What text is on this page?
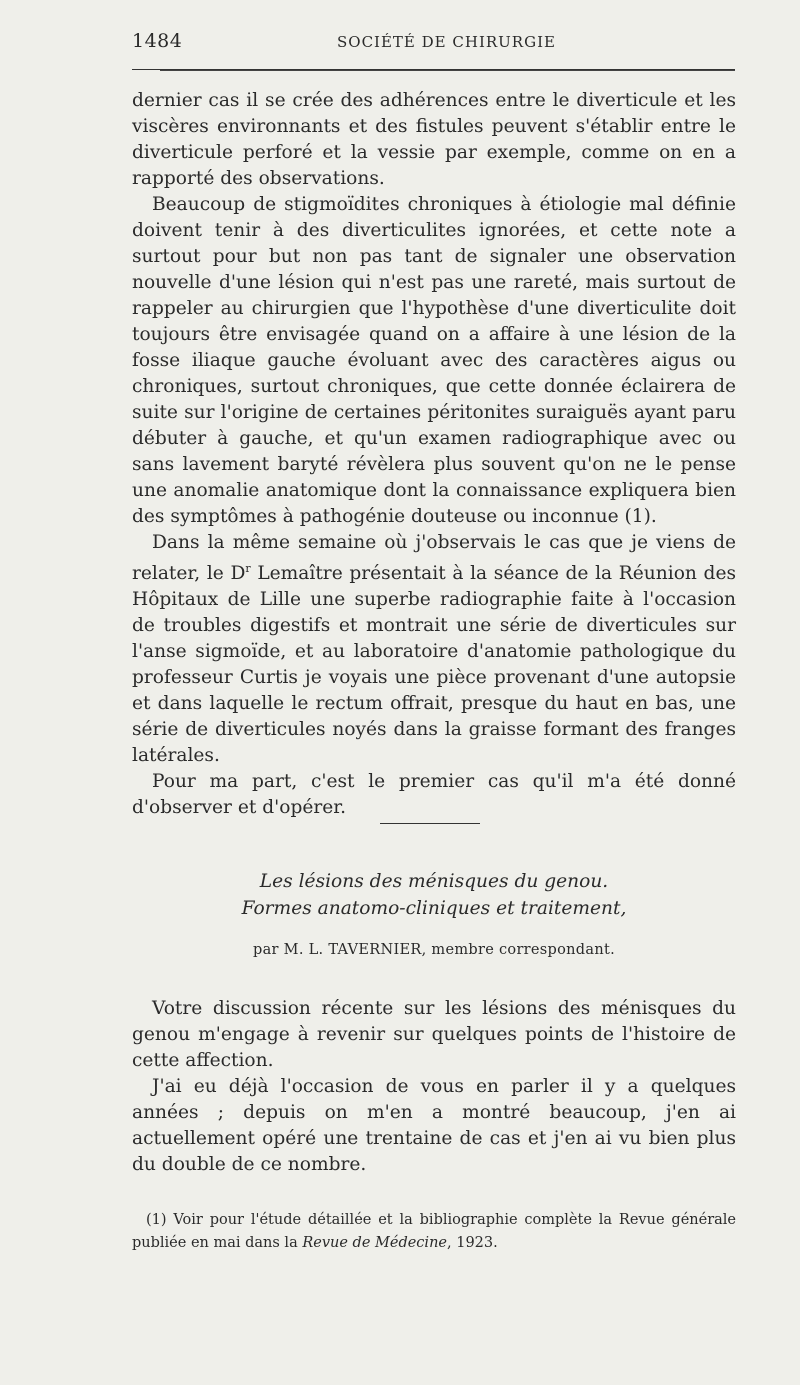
1484	SOCIÉTÉ DE CHIRURGIE

dernier cas il se crée des adhérences entre le diverticule et les viscères environnants et des fistules peuvent s'établir entre le diverticule perforé et la vessie par exemple, comme on en a rapporté des observations.

Beaucoup de stigmoïdites chroniques à étiologie mal définie doivent tenir à des diverticulites ignorées, et cette note a surtout pour but non pas tant de signaler une observation nouvelle d'une lésion qui n'est pas une rareté, mais surtout de rappeler au chirurgien que l'hypothèse d'une diverticulite doit toujours être envisagée quand on a affaire à une lésion de la fosse iliaque gauche évoluant avec des caractères aigus ou chroniques, surtout chroniques, que cette donnée éclairera de suite sur l'origine de certaines péritonites suraiguës ayant paru débuter à gauche, et qu'un examen radiographique avec ou sans lavement baryté révèlera plus souvent qu'on ne le pense une anomalie anatomique dont la connaissance expliquera bien des symptômes à pathogénie douteuse ou inconnue (1).

Dans la même semaine où j'observais le cas que je viens de relater, le $D^r$ Lemaître présentait à la séance de la Réunion des Hôpitaux de Lille une superbe radiographie faite à l'occasion de troubles digestifs et montrait une série de diverticules sur l'anse sigmoïde, et au laboratoire d'anatomie pathologique du professeur Curtis je voyais une pièce provenant d'une autopsie et dans laquelle le rectum offrait, presque du haut en bas, une série de diverticules noyés dans la graisse formant des franges latérales.

Pour ma part, c'est le premier cas qu'il m'a été donné d'observer et d'opérer.

Les lésions des ménisques du genou.
Formes anatomo-cliniques et traitement,
par M. L. TAVERNIER, membre correspondant.

Votre discussion récente sur les lésions des ménisques du genou m'engage à revenir sur quelques points de l'histoire de cette affection.

J'ai eu déjà l'occasion de vous en parler il y a quelques années ; depuis on m'en a montré beaucoup, j'en ai actuellement opéré une trentaine de cas et j'en ai vu bien plus du double de ce nombre.

(1) Voir pour l'étude détaillée et la bibliographie complète la Revue générale publiée en mai dans la Revue de Médecine, 1923.
